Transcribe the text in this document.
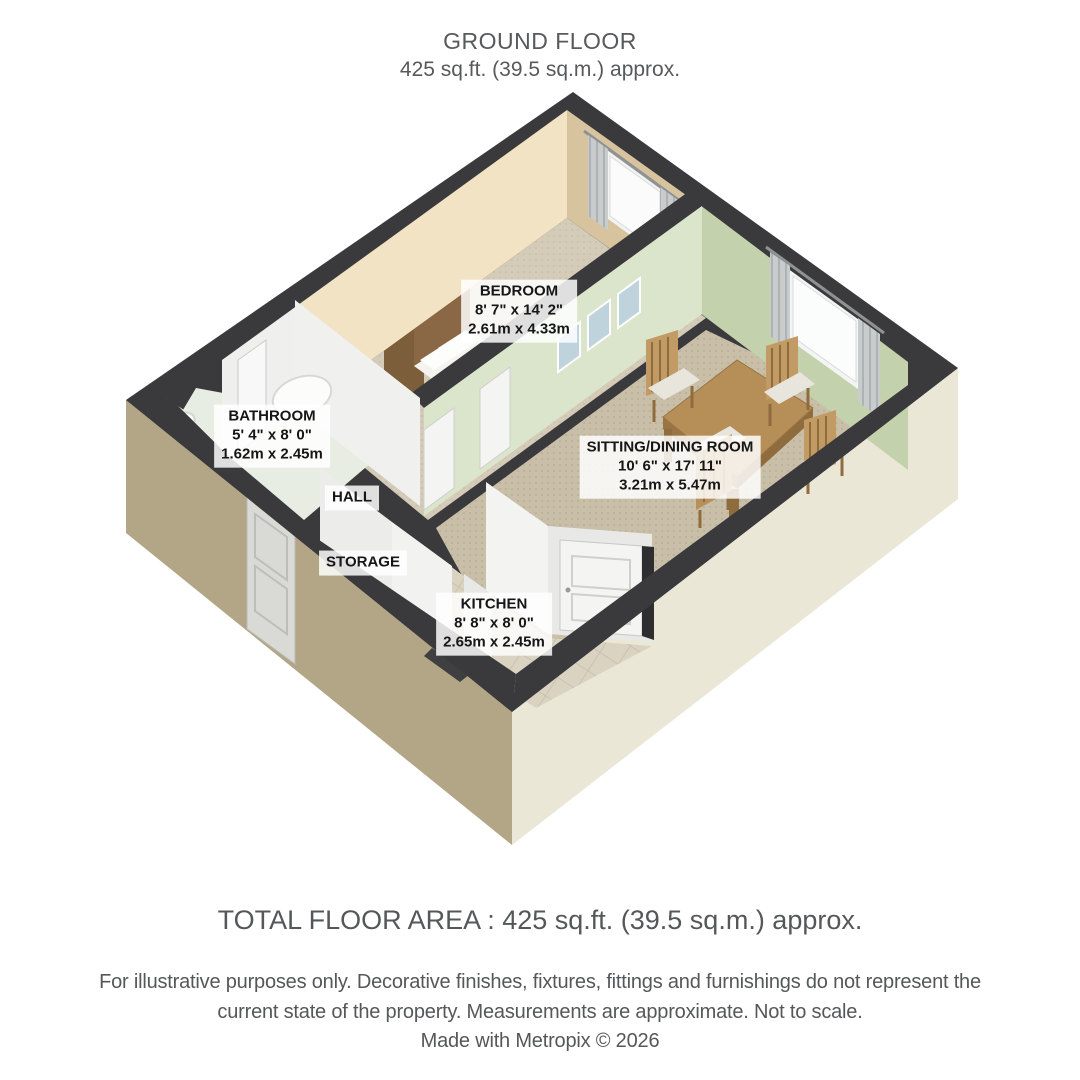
GROUND FLOOR
425 sq.ft. (39.5 sq.m.) approx.
BEDROOM
8' 7" x 14' 2"
2.61m x 4.33m
BATHROOM
5' 4" x 8' 0"
1.62m x 2.45m
HALL
STORAGE
SITTING/DINING ROOM
10' 6" x 17' 11"
3.21m x 5.47m
KITCHEN
8' 8" x 8' 0"
2.65m x 2.45m
TOTAL FLOOR AREA : 425 sq.ft. (39.5 sq.m.) approx.
For illustrative purposes only. Decorative finishes, fixtures, fittings and furnishings do not represent the current state of the property. Measurements are approximate. Not to scale.
Made with Metropix © 2026
